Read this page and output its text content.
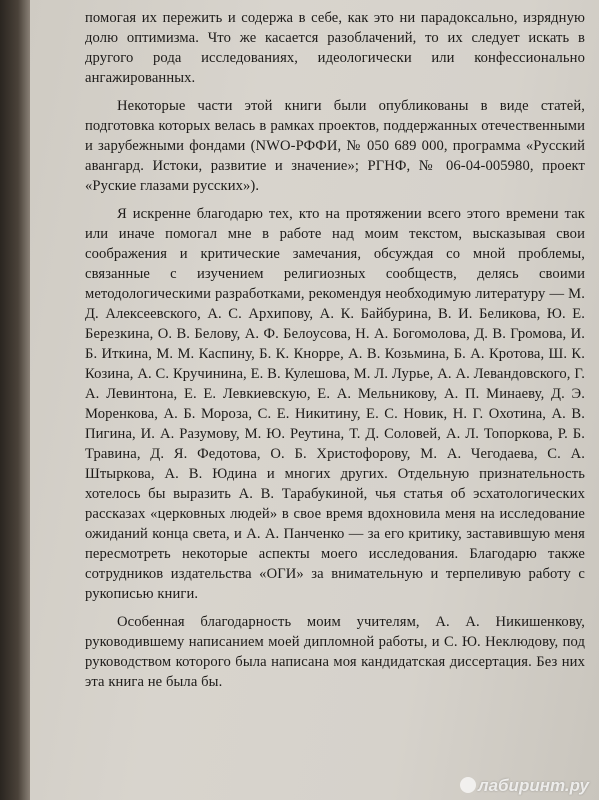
помогая их пережить и содержа в себе, как это ни парадоксально, изрядную долю оптимизма. Что же касается разоблачений, то их следует искать в другого рода исследованиях, идеологически или конфессионально ангажированных.

Некоторые части этой книги были опубликованы в виде статей, подготовка которых велась в рамках проектов, поддержанных отечественными и зарубежными фондами (NWO-РФФИ, № 050 689 000, программа «Русский авангард. Истоки, развитие и значение»; РГНФ, № 06-04-005980, проект «Руские глазами русских»).

Я искренне благодарю тех, кто на протяжении всего этого времени так или иначе помогал мне в работе над моим текстом, высказывая свои соображения и критические замечания, обсуждая со мной проблемы, связанные с изучением религиозных сообществ, делясь своими методологическими разработками, рекомендуя необходимую литературу — М. Д. Алексеевского, А. С. Архипову, А. К. Байбурина, В. И. Беликова, Ю. Е. Березкина, О. В. Белову, А. Ф. Белоусова, Н. А. Богомолова, Д. В. Громова, И. Б. Иткина, М. М. Каспину, Б. К. Кнорре, А. В. Козьмина, Б. А. Кротова, Ш. К. Козина, А. С. Кручинина, Е. В. Кулешова, М. Л. Лурье, А. А. Левандовского, Г. А. Левинтона, Е. Е. Левкиевскую, Е. А. Мельникову, А. П. Минаеву, Д. Э. Моренкова, А. Б. Мороза, С. Е. Никитину, Е. С. Новик, Н. Г. Охотина, А. В. Пигина, И. А. Разумову, М. Ю. Реутина, Т. Д. Соловей, А. Л. Топоркова, Р. Б. Травина, Д. Я. Федотова, О. Б. Христофорову, М. А. Чегодаева, С. А. Штыркова, А. В. Юдина и многих других. Отдельную признательность хотелось бы выразить А. В. Тарабукиной, чья статья об эсхатологических рассказах «церковных людей» в свое время вдохновила меня на исследование ожиданий конца света, и А. А. Панченко — за его критику, заставившую меня пересмотреть некоторые аспекты моего исследования. Благодарю также сотрудников издательства «ОГИ» за внимательную и терпеливую работу с рукописью книги.

Особенная благодарность моим учителям, А. А. Никишенкову, руководившему написанием моей дипломной работы, и С. Ю. Неклюдову, под руководством которого была написана моя кандидатская диссертация. Без них эта книга не была бы.

лабиринт.ру
